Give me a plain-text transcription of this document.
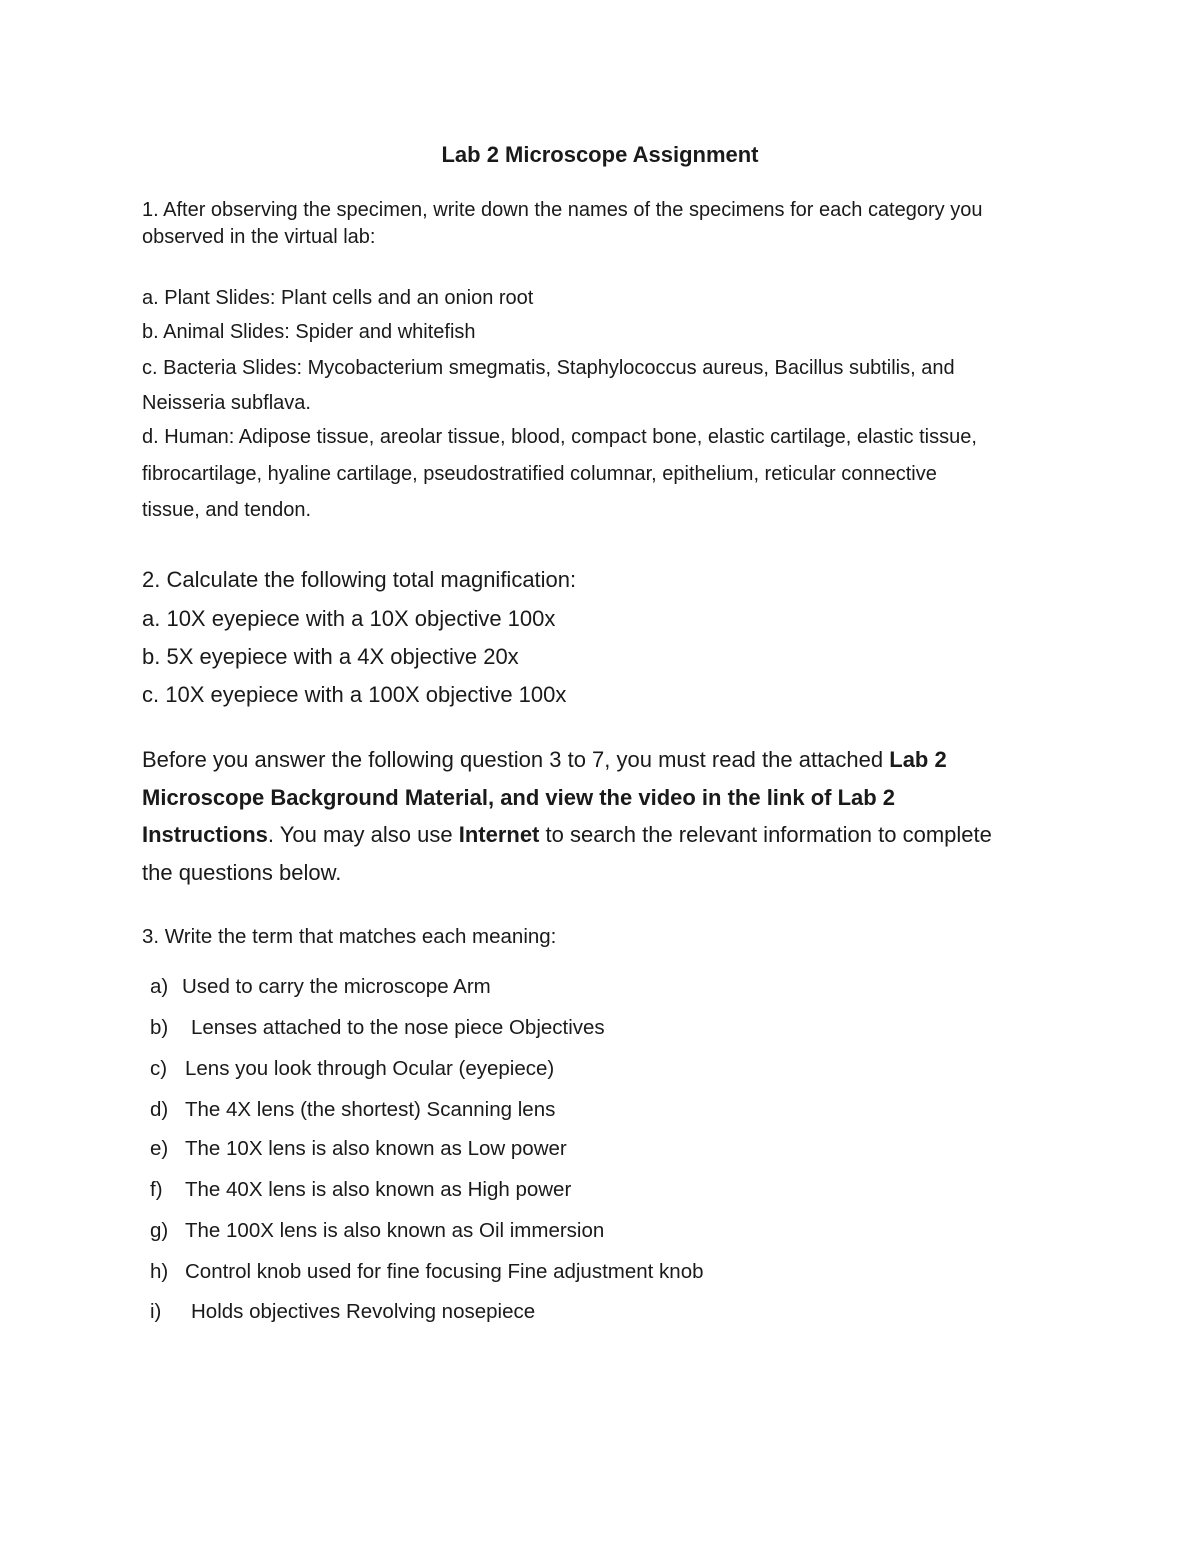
Lab 2 Microscope Assignment

1. After observing the specimen, write down the names of the specimens for each category you

observed in the virtual lab:

a. Plant Slides: Plant cells and an onion root

b. Animal Slides: Spider and whitefish

c. Bacteria Slides: Mycobacterium smegmatis, Staphylococcus aureus, Bacillus subtilis, and

Neisseria subflava.

d. Human: Adipose tissue, areolar tissue, blood, compact bone, elastic cartilage, elastic tissue,

fibrocartilage, hyaline cartilage, pseudostratified columnar, epithelium, reticular connective

tissue, and tendon.

2. Calculate the following total magnification:

a. 10X eyepiece with a 10X objective 100x

b. 5X eyepiece with a 4X objective 20x

c. 10X eyepiece with a 100X objective 100x

Before you answer the following question 3 to 7, you must read the attached Lab 2

Microscope Background Material, and view the video in the link of Lab 2

Instructions. You may also use Internet to search the relevant information to complete

the questions below.

3. Write the term that matches each meaning:

a) Used to carry the microscope Arm

b) Lenses attached to the nose piece Objectives

c) Lens you look through Ocular (eyepiece)

d) The 4X lens (the shortest) Scanning lens

e) The 10X lens is also known as Low power

f) The 40X lens is also known as High power

g) The 100X lens is also known as Oil immersion

h) Control knob used for fine focusing Fine adjustment knob

i) Holds objectives Revolving nosepiece
